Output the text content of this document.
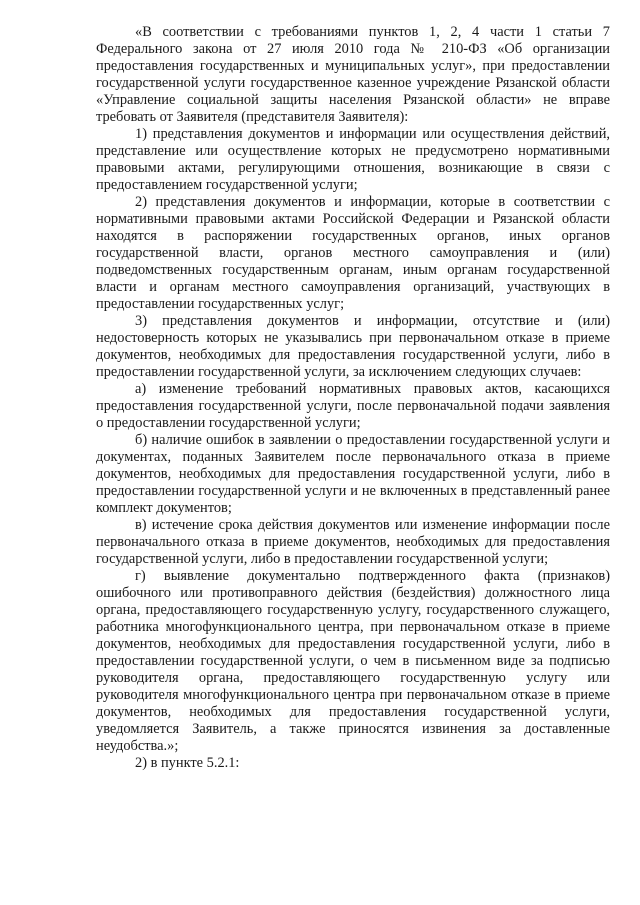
«В соответствии с требованиями пунктов 1, 2, 4 части 1 статьи 7 Федерального закона от 27 июля 2010 года № 210-ФЗ «Об организации предоставления государственных и муниципальных услуг», при предоставлении государственной услуги государственное казенное учреждение Рязанской области «Управление социальной защиты населения Рязанской области» не вправе требовать от Заявителя (представителя Заявителя):

1) представления документов и информации или осуществления действий, представление или осуществление которых не предусмотрено нормативными правовыми актами, регулирующими отношения, возникающие в связи с предоставлением государственной услуги;

2) представления документов и информации, которые в соответствии с нормативными правовыми актами Российской Федерации и Рязанской области находятся в распоряжении государственных органов, иных органов государственной власти, органов местного самоуправления и (или) подведомственных государственным органам, иным органам государственной власти и органам местного самоуправления организаций, участвующих в предоставлении государственных услуг;

3) представления документов и информации, отсутствие и (или) недостоверность которых не указывались при первоначальном отказе в приеме документов, необходимых для предоставления государственной услуги, либо в предоставлении государственной услуги, за исключением следующих случаев:

а) изменение требований нормативных правовых актов, касающихся предоставления государственной услуги, после первоначальной подачи заявления о предоставлении государственной услуги;

б) наличие ошибок в заявлении о предоставлении государственной услуги и документах, поданных Заявителем после первоначального отказа в приеме документов, необходимых для предоставления государственной услуги, либо в предоставлении государственной услуги и не включенных в представленный ранее комплект документов;

в) истечение срока действия документов или изменение информации после первоначального отказа в приеме документов, необходимых для предоставления государственной услуги, либо в предоставлении государственной услуги;

г) выявление документально подтвержденного факта (признаков) ошибочного или противоправного действия (бездействия) должностного лица органа, предоставляющего государственную услугу, государственного служащего, работника многофункционального центра, при первоначальном отказе в приеме документов, необходимых для предоставления государственной услуги, либо в предоставлении государственной услуги, о чем в письменном виде за подписью руководителя органа, предоставляющего государственную услугу или руководителя многофункционального центра при первоначальном отказе в приеме документов, необходимых для предоставления государственной услуги, уведомляется Заявитель, а также приносятся извинения за доставленные неудобства.»;

2) в пункте 5.2.1:
